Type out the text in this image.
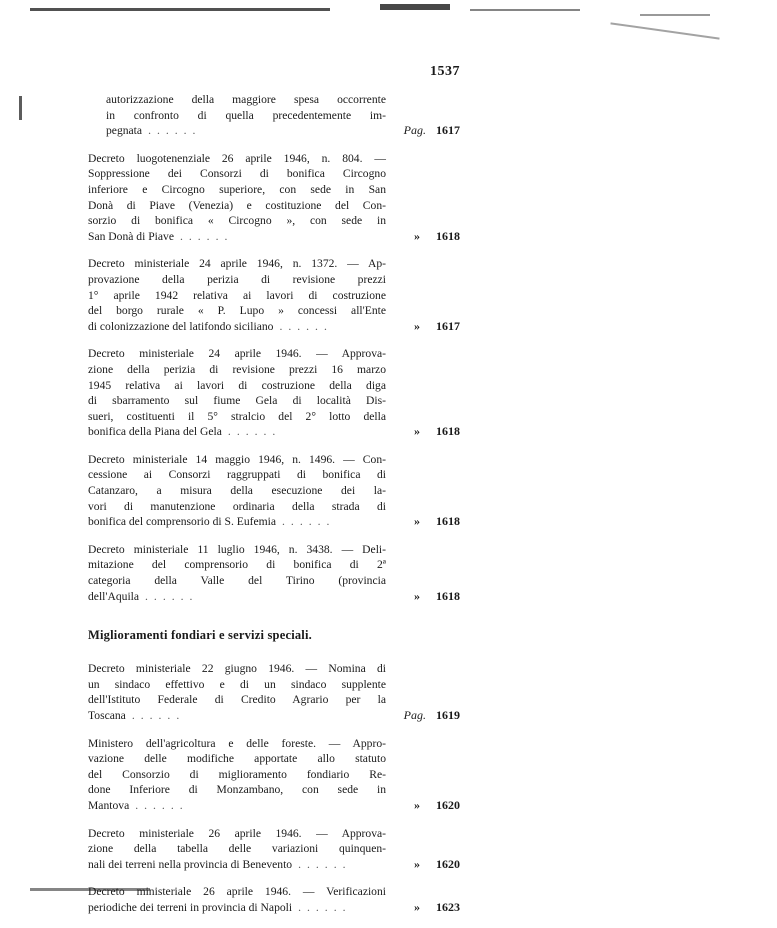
1537
autorizzazione della maggiore spesa occorrente
in confronto di quella precedentemente im-
pegnata ......	Pag. 1617
Decreto luogotenenziale 26 aprile 1946, n. 804. —
Soppressione dei Consorzi di bonifica Circogno
inferiore e Circogno superiore, con sede in San
Donà di Piave (Venezia) e costituzione del Con-
sorzio di bonifica « Circogno », con sede in
San Donà di Piave ......	» 1618
Decreto ministeriale 24 aprile 1946, n. 1372. — Ap-
provazione della perizia di revisione prezzi
1° aprile 1942 relativa ai lavori di costruzione
del borgo rurale « P. Lupo » concessi all'Ente
di colonizzazione del latifondo siciliano ......	» 1617
Decreto ministeriale 24 aprile 1946. — Approva-
zione della perizia di revisione prezzi 16 marzo
1945 relativa ai lavori di costruzione della diga
di sbarramento sul fiume Gela di località Dis-
sueri, costituenti il 5° stralcio del 2° lotto della
bonifica della Piana del Gela ......	» 1618
Decreto ministeriale 14 maggio 1946, n. 1496. — Con-
cessione ai Consorzi raggruppati di bonifica di
Catanzaro, a misura della esecuzione dei la-
vori di manutenzione ordinaria della strada di
bonifica del comprensorio di S. Eufemia ......	» 1618
Decreto ministeriale 11 luglio 1946, n. 3438. — Deli-
mitazione del comprensorio di bonifica di 2ª
categoria della Valle del Tirino (provincia
dell'Aquila ......	» 1618
Miglioramenti fondiari e servizi speciali.
Decreto ministeriale 22 giugno 1946. — Nomina di
un sindaco effettivo e di un sindaco supplente
dell'Istituto Federale di Credito Agrario per la
Toscana ......	Pag. 1619
Ministero dell'agricoltura e delle foreste. — Appro-
vazione delle modifiche apportate allo statuto
del Consorzio di miglioramento fondiario Re-
done Inferiore di Monzambano, con sede in
Mantova ......	» 1620
Decreto ministeriale 26 aprile 1946. — Approva-
zione della tabella delle variazioni quinquen-
nali dei terreni nella provincia di Benevento ......	» 1620
Decreto ministeriale 26 aprile 1946. — Verificazioni
periodiche dei terreni in provincia di Napoli ......	» 1623
